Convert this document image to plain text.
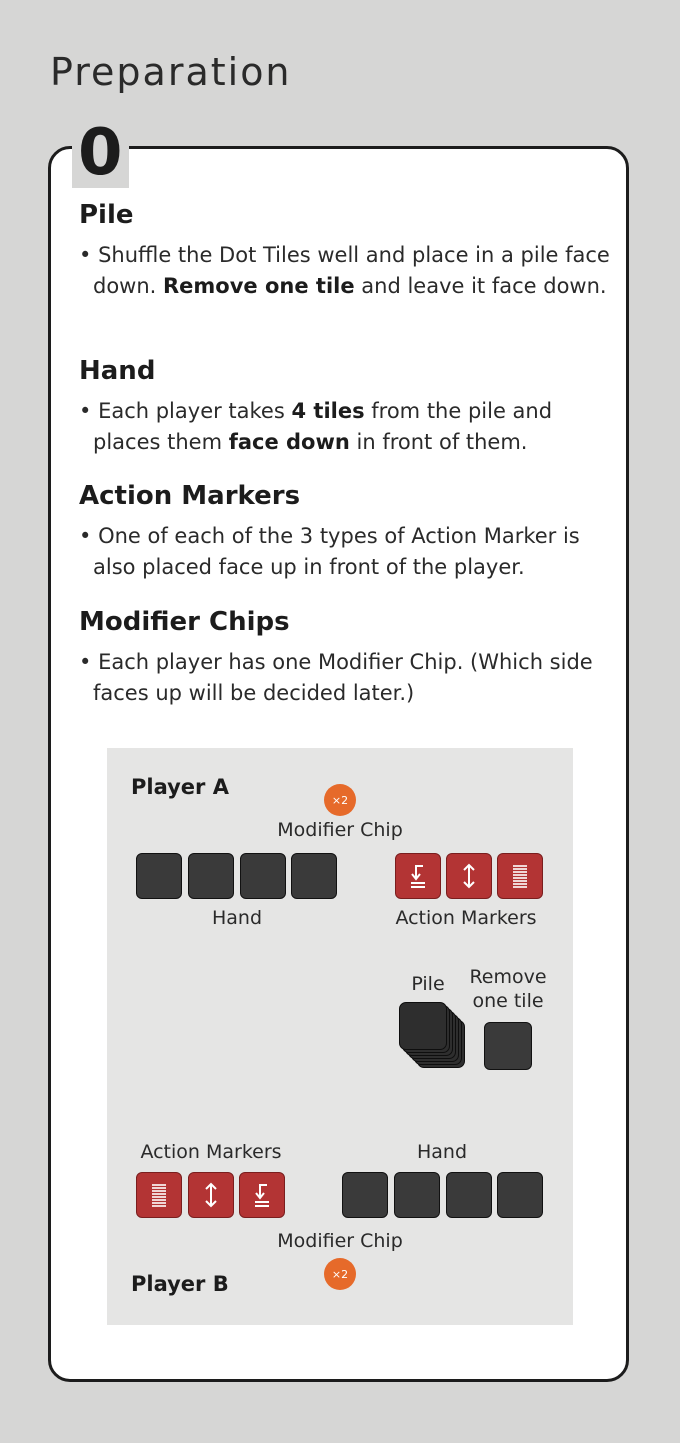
Preparation
0
Pile

• Shuffle the Dot Tiles well and place in a pile face down. Remove one tile and leave it face down.

Hand

• Each player takes 4 tiles from the pile and places them face down in front of them.

Action Markers

• One of each of the 3 types of Action Marker is also placed face up in front of the player.

Modifier Chips

• Each player has one Modifier Chip. (Which side faces up will be decided later.)

Player A
×2
Modifier Chip
Hand	Action Markers
Pile Remove
one tile
Action Markers	Hand
Modifier Chip
×2
Player B
